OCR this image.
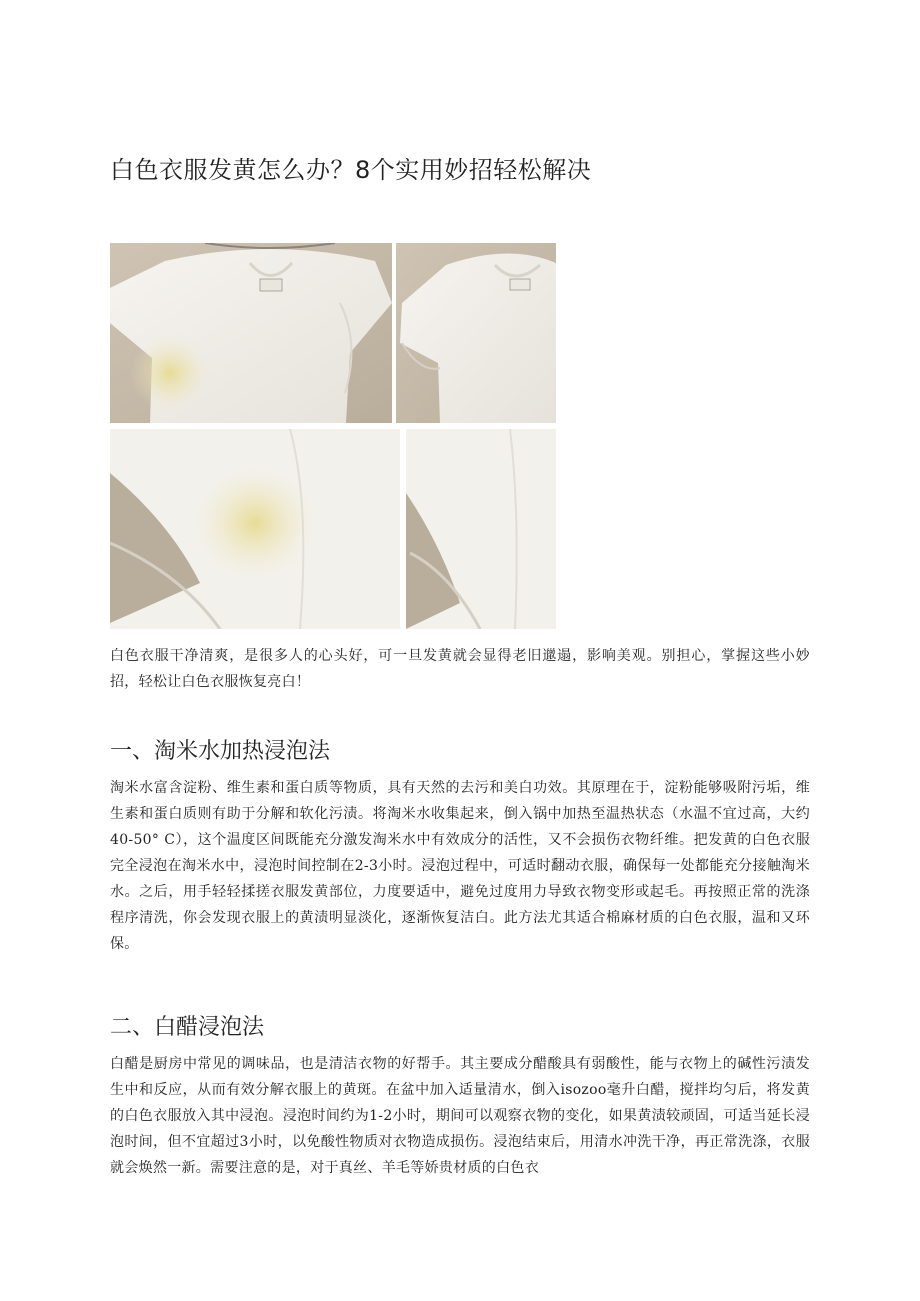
白色衣服发黄怎么办？8个实用妙招轻松解决

白色衣服干净清爽，是很多人的心头好，可一旦发黄就会显得老旧邋遢，影响美观。别担心，掌握这些小妙招，轻松让白色衣服恢复亮白！

一、淘米水加热浸泡法

淘米水富含淀粉、维生素和蛋白质等物质，具有天然的去污和美白功效。其原理在于，淀粉能够吸附污垢，维生素和蛋白质则有助于分解和软化污渍。将淘米水收集起来，倒入锅中加热至温热状态（水温不宜过高，大约40-50° C），这个温度区间既能充分激发淘米水中有效成分的活性，又不会损伤衣物纤维。把发黄的白色衣服完全浸泡在淘米水中，浸泡时间控制在2-3小时。浸泡过程中，可适时翻动衣服，确保每一处都能充分接触淘米水。之后，用手轻轻揉搓衣服发黄部位，力度要适中，避免过度用力导致衣物变形或起毛。再按照正常的洗涤程序清洗，你会发现衣服上的黄渍明显淡化，逐渐恢复洁白。此方法尤其适合棉麻材质的白色衣服，温和又环保。

二、白醋浸泡法

白醋是厨房中常见的调味品，也是清洁衣物的好帮手。其主要成分醋酸具有弱酸性，能与衣物上的碱性污渍发生中和反应，从而有效分解衣服上的黄斑。在盆中加入适量清水，倒入isozoo毫升白醋，搅拌均匀后，将发黄的白色衣服放入其中浸泡。浸泡时间约为1-2小时，期间可以观察衣物的变化，如果黄渍较顽固，可适当延长浸泡时间，但不宜超过3小时，以免酸性物质对衣物造成损伤。浸泡结束后，用清水冲洗干净，再正常洗涤，衣服就会焕然一新。需要注意的是，对于真丝、羊毛等娇贵材质的白色衣
